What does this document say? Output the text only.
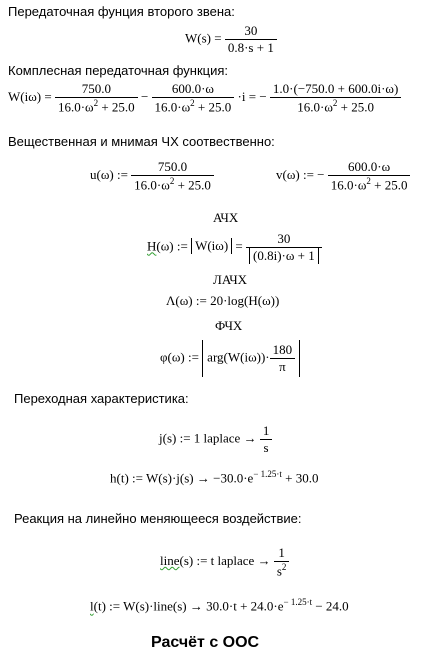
Передаточная фунция второго звена:
$W(s) = \frac{30}{0.8\cdot s + 1}$
Комплесная передаточная функция:
$W(i\omega) = \frac{750.0}{16.0\cdot\omega^2 + 25.0} - \frac{600.0\cdot\omega}{16.0\cdot\omega^2 + 25.0} \cdot i$ = − $\frac{1.0\cdot(-750.0 + 600.0i\cdot\omega)}{16.0\cdot\omega^2 + 25.0}$
Вещественная и мнимая ЧХ соотвественно:
u(ω) := $\frac{750.0}{16.0\cdot\omega^2 + 25.0}$	v(ω) := − $\frac{600.0\cdot\omega}{16.0\cdot\omega^2 + 25.0}$
АЧХ
H(ω) := $W(i\omega) = \frac{30}{(0.8i)\cdot\omega + 1}$
ЛАЧХ
Λ(ω) := 20·log(H(ω))
ФЧХ
φ(ω) := $arg(W(i\omega))\cdot \frac{180}{\pi}$
Переходная характеристика:
j(s) := 1 laplace → $\frac{1}{s}$
h(t) := $W(s)\cdot j(s) \to -30.0\cdot e^{- 1.25\cdot t} + 30.0$
Реакция на линейно меняющееся воздействие:
line(s) := t laplace → $\frac{1}{s^2}$
l(t) := W(s)·line(s) → $30.0\cdot t + 24.0\cdot e^{- 1.25\cdot t} - 24.0$
Расчёт с ООС
